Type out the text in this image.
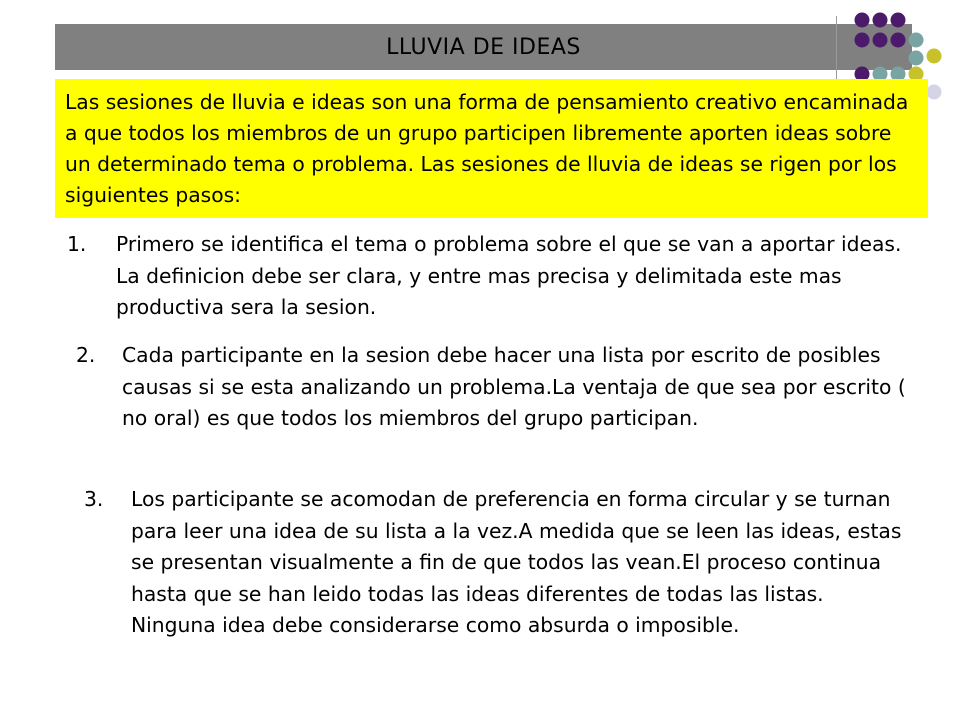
LLUVIA DE IDEAS

Las sesiones de lluvia e ideas son una forma de pensamiento creativo encaminada a que todos los miembros de un grupo participen libremente aporten ideas sobre un determinado tema o problema. Las sesiones de lluvia de ideas se rigen por los siguientes pasos:

1. Primero se identifica el tema o problema sobre el que se van a aportar ideas. La definicion debe ser clara, y entre mas precisa y delimitada este mas productiva sera la sesion.
2. Cada participante en la sesion debe hacer una lista por escrito de posibles causas si se esta analizando un problema.La ventaja de que sea por escrito ( no oral) es que todos los miembros del grupo participan.
3. Los participante se acomodan de preferencia en forma circular y se turnan para leer una idea de su lista a la vez.A medida que se leen las ideas, estas se presentan visualmente a fin de que todos las vean.El proceso continua hasta que se han leido todas las ideas diferentes de todas las listas. Ninguna idea debe considerarse como absurda o imposible.
